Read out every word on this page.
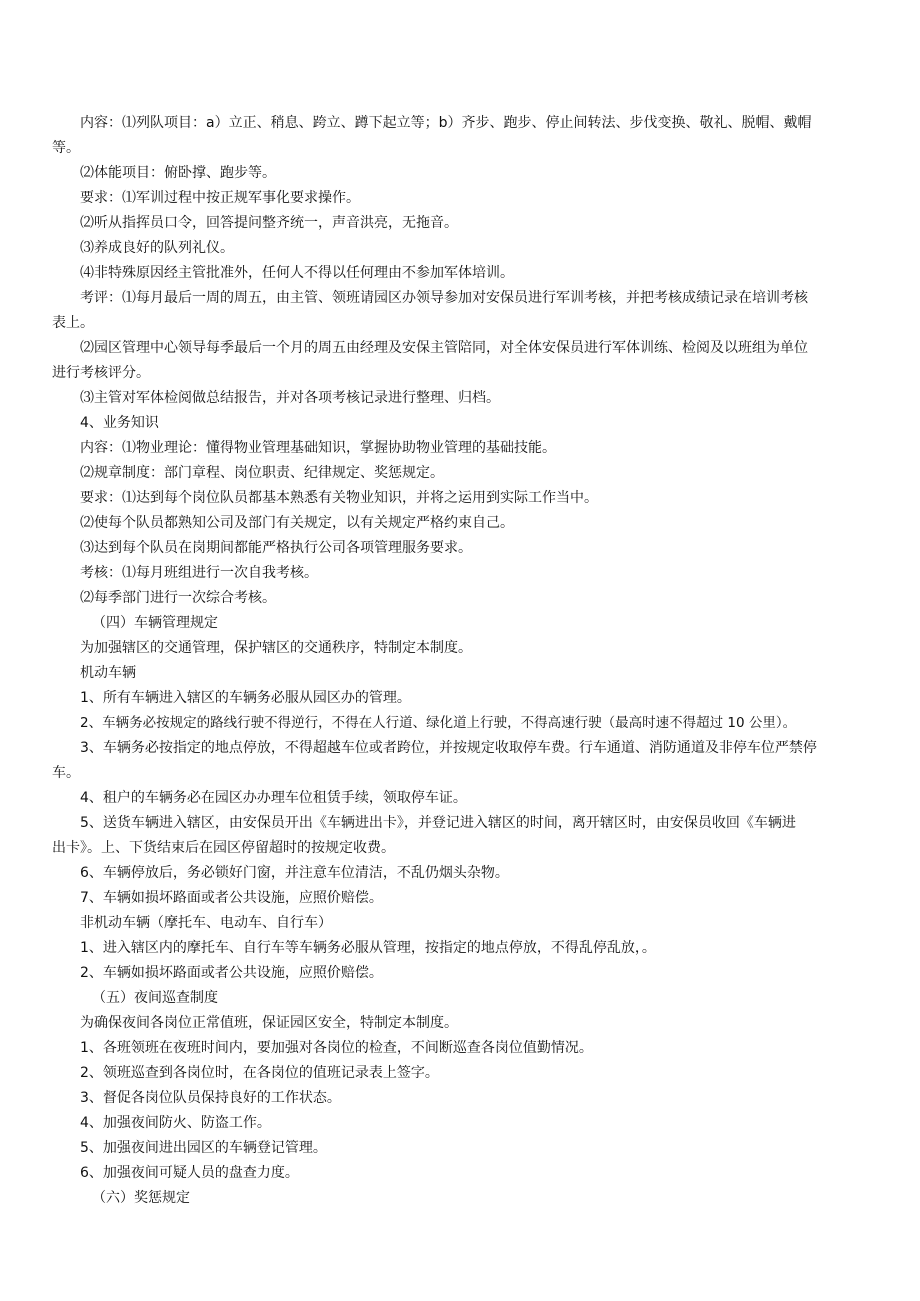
内容：⑴列队项目：a）立正、稍息、跨立、蹲下起立等；b）齐步、跑步、停止间转法、步伐变换、敬礼、脱帽、戴帽

等。

⑵体能项目：俯卧撑、跑步等。

要求：⑴军训过程中按正规军事化要求操作。

⑵听从指挥员口令，回答提问整齐统一，声音洪亮，无拖音。

⑶养成良好的队列礼仪。

⑷非特殊原因经主管批准外，任何人不得以任何理由不参加军体培训。

考评：⑴每月最后一周的周五，由主管、领班请园区办领导参加对安保员进行军训考核，并把考核成绩记录在培训考核

表上。

⑵园区管理中心领导每季最后一个月的周五由经理及安保主管陪同，对全体安保员进行军体训练、检阅及以班组为单位

进行考核评分。

⑶主管对军体检阅做总结报告，并对各项考核记录进行整理、归档。

4、业务知识

内容：⑴物业理论：懂得物业管理基础知识，掌握协助物业管理的基础技能。

⑵规章制度：部门章程、岗位职责、纪律规定、奖惩规定。

要求：⑴达到每个岗位队员都基本熟悉有关物业知识，并将之运用到实际工作当中。

⑵使每个队员都熟知公司及部门有关规定，以有关规定严格约束自己。

⑶达到每个队员在岗期间都能严格执行公司各项管理服务要求。

考核：⑴每月班组进行一次自我考核。

⑵每季部门进行一次综合考核。

（四）车辆管理规定

为加强辖区的交通管理，保护辖区的交通秩序，特制定本制度。

机动车辆

1、所有车辆进入辖区的车辆务必服从园区办的管理。

2、车辆务必按规定的路线行驶不得逆行，不得在人行道、绿化道上行驶，不得高速行驶（最高时速不得超过 10 公里）。

3、车辆务必按指定的地点停放，不得超越车位或者跨位，并按规定收取停车费。行车通道、消防通道及非停车位严禁停

车。

4、租户的车辆务必在园区办办理车位租赁手续，领取停车证。

5、送货车辆进入辖区，由安保员开出《车辆进出卡》，并登记进入辖区的时间，离开辖区时，由安保员收回《车辆进

出卡》。上、下货结束后在园区停留超时的按规定收费。

6、车辆停放后，务必锁好门窗，并注意车位清洁，不乱仍烟头杂物。

7、车辆如损坏路面或者公共设施，应照价赔偿。

非机动车辆（摩托车、电动车、自行车）

1、进入辖区内的摩托车、自行车等车辆务必服从管理，按指定的地点停放，不得乱停乱放，。

2、车辆如损坏路面或者公共设施，应照价赔偿。

（五）夜间巡查制度

为确保夜间各岗位正常值班，保证园区安全，特制定本制度。

1、各班领班在夜班时间内，要加强对各岗位的检查，不间断巡查各岗位值勤情况。

2、领班巡查到各岗位时，在各岗位的值班记录表上签字。

3、督促各岗位队员保持良好的工作状态。

4、加强夜间防火、防盗工作。

5、加强夜间进出园区的车辆登记管理。

6、加强夜间可疑人员的盘查力度。

（六）奖惩规定
